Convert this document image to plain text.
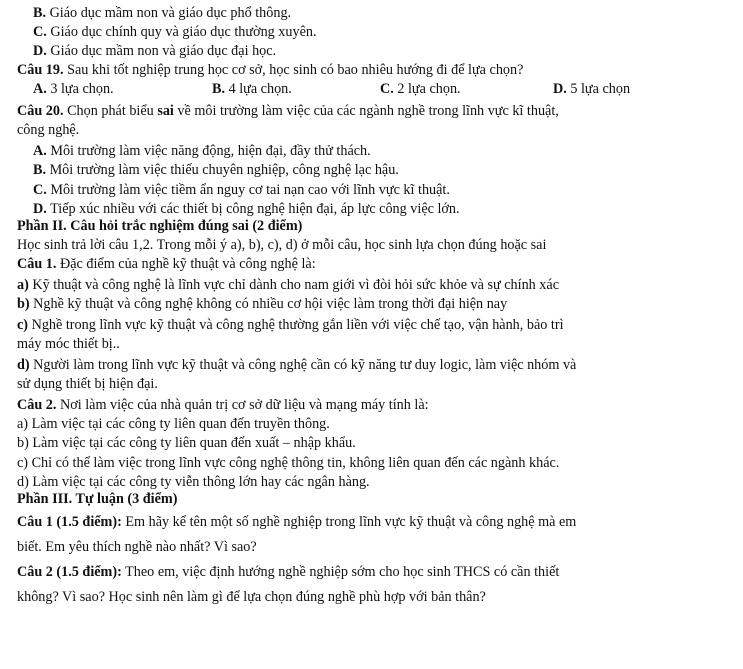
B. Giáo dục mầm non và giáo dục phổ thông.
C. Giáo dục chính quy và giáo dục thường xuyên.
D. Giáo dục mầm non và giáo dục đại học.
Câu 19. Sau khi tốt nghiệp trung học cơ sở, học sinh có bao nhiêu hướng đi để lựa chọn?
A. 3 lựa chọn.	B. 4 lựa chọn.	C. 2 lựa chọn.	D. 5 lựa chọn
Câu 20. Chọn phát biểu sai về môi trường làm việc của các ngành nghề trong lĩnh vực kĩ thuật,
công nghệ.
A. Môi trường làm việc năng động, hiện đại, đầy thử thách.
B. Môi trường làm việc thiếu chuyên nghiệp, công nghệ lạc hậu.
C. Môi trường làm việc tiềm ẩn nguy cơ tai nạn cao với lĩnh vực kĩ thuật.
D. Tiếp xúc nhiều với các thiết bị công nghệ hiện đại, áp lực công việc lớn.
Phần II. Câu hỏi trắc nghiệm đúng sai (2 điểm)
Học sinh trả lời câu 1,2. Trong mỗi ý a), b), c), d) ở mỗi câu, học sinh lựa chọn đúng hoặc sai
Câu 1. Đặc điểm của nghề kỹ thuật và công nghệ là:
a) Kỹ thuật và công nghệ là lĩnh vực chỉ dành cho nam giới vì đòi hỏi sức khỏe và sự chính xác
b) Nghề kỹ thuật và công nghệ không có nhiều cơ hội việc làm trong thời đại hiện nay
c) Nghề trong lĩnh vực kỹ thuật và công nghệ thường gắn liền với việc chế tạo, vận hành, bảo trì
máy móc thiết bị..
d) Người làm trong lĩnh vực kỹ thuật và công nghệ cần có kỹ năng tư duy logic, làm việc nhóm và
sử dụng thiết bị hiện đại.
Câu 2. Nơi làm việc của nhà quản trị cơ sở dữ liệu và mạng máy tính là:
a) Làm việc tại các công ty liên quan đến truyền thông.
b) Làm việc tại các công ty liên quan đến xuất – nhập khẩu.
c) Chỉ có thể làm việc trong lĩnh vực công nghệ thông tin, không liên quan đến các ngành khác.
d) Làm việc tại các công ty viễn thông lớn hay các ngân hàng.
Phần III. Tự luận (3 điểm)
Câu 1 (1.5 điểm): Em hãy kể tên một số nghề nghiệp trong lĩnh vực kỹ thuật và công nghệ mà em
biết. Em yêu thích nghề nào nhất? Vì sao?
Câu 2 (1.5 điểm): Theo em, việc định hướng nghề nghiệp sớm cho học sinh THCS có cần thiết
không? Vì sao? Học sinh nên làm gì để lựa chọn đúng nghề phù hợp với bản thân?
